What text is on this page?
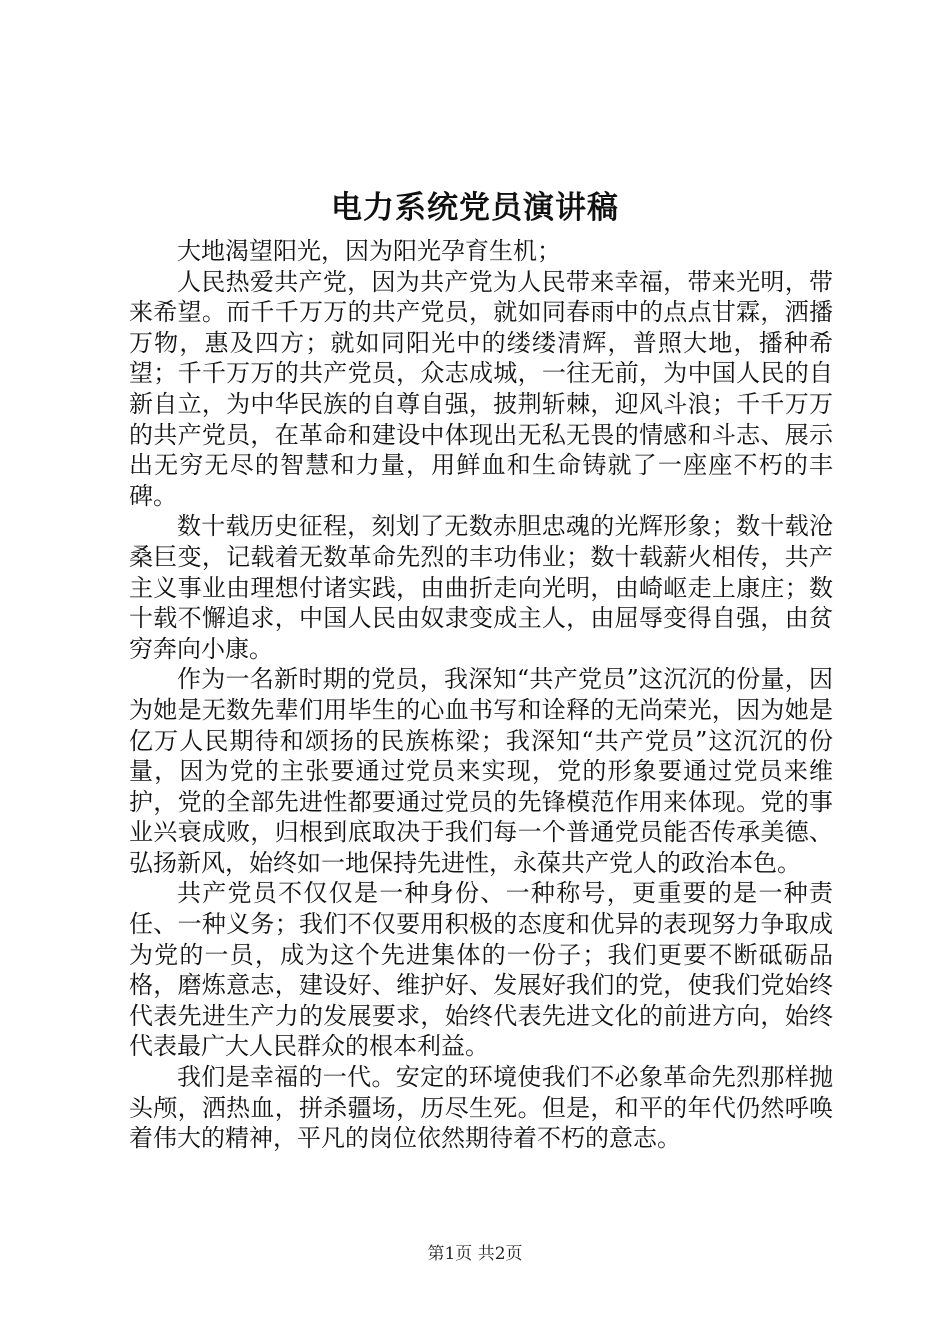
电力系统党员演讲稿

大地渴望阳光，因为阳光孕育生机；

人民热爱共产党，因为共产党为人民带来幸福，带来光明，带来希望。而千千万万的共产党员，就如同春雨中的点点甘霖，洒播万物，惠及四方；就如同阳光中的缕缕清辉，普照大地，播种希望；千千万万的共产党员，众志成城，一往无前，为中国人民的自新自立，为中华民族的自尊自强，披荆斩棘，迎风斗浪；千千万万的共产党员，在革命和建设中体现出无私无畏的情感和斗志、展示出无穷无尽的智慧和力量，用鲜血和生命铸就了一座座不朽的丰碑。

数十载历史征程，刻划了无数赤胆忠魂的光辉形象；数十载沧桑巨变，记载着无数革命先烈的丰功伟业；数十载薪火相传，共产主义事业由理想付诸实践，由曲折走向光明，由崎岖走上康庄；数十载不懈追求，中国人民由奴隶变成主人，由屈辱变得自强，由贫穷奔向小康。

作为一名新时期的党员，我深知“共产党员”这沉沉的份量，因为她是无数先辈们用毕生的心血书写和诠释的无尚荣光，因为她是亿万人民期待和颂扬的民族栋梁；我深知“共产党员”这沉沉的份量，因为党的主张要通过党员来实现，党的形象要通过党员来维护，党的全部先进性都要通过党员的先锋模范作用来体现。党的事业兴衰成败，归根到底取决于我们每一个普通党员能否传承美德、弘扬新风，始终如一地保持先进性，永葆共产党人的政治本色。

共产党员不仅仅是一种身份、一种称号，更重要的是一种责任、一种义务；我们不仅要用积极的态度和优异的表现努力争取成为党的一员，成为这个先进集体的一份子；我们更要不断砥砺品格，磨炼意志，建设好、维护好、发展好我们的党，使我们党始终代表先进生产力的发展要求，始终代表先进文化的前进方向，始终代表最广大人民群众的根本利益。

我们是幸福的一代。安定的环境使我们不必象革命先烈那样抛头颅，洒热血，拼杀疆场，历尽生死。但是，和平的年代仍然呼唤着伟大的精神，平凡的岗位依然期待着不朽的意志。

第1页 共2页
